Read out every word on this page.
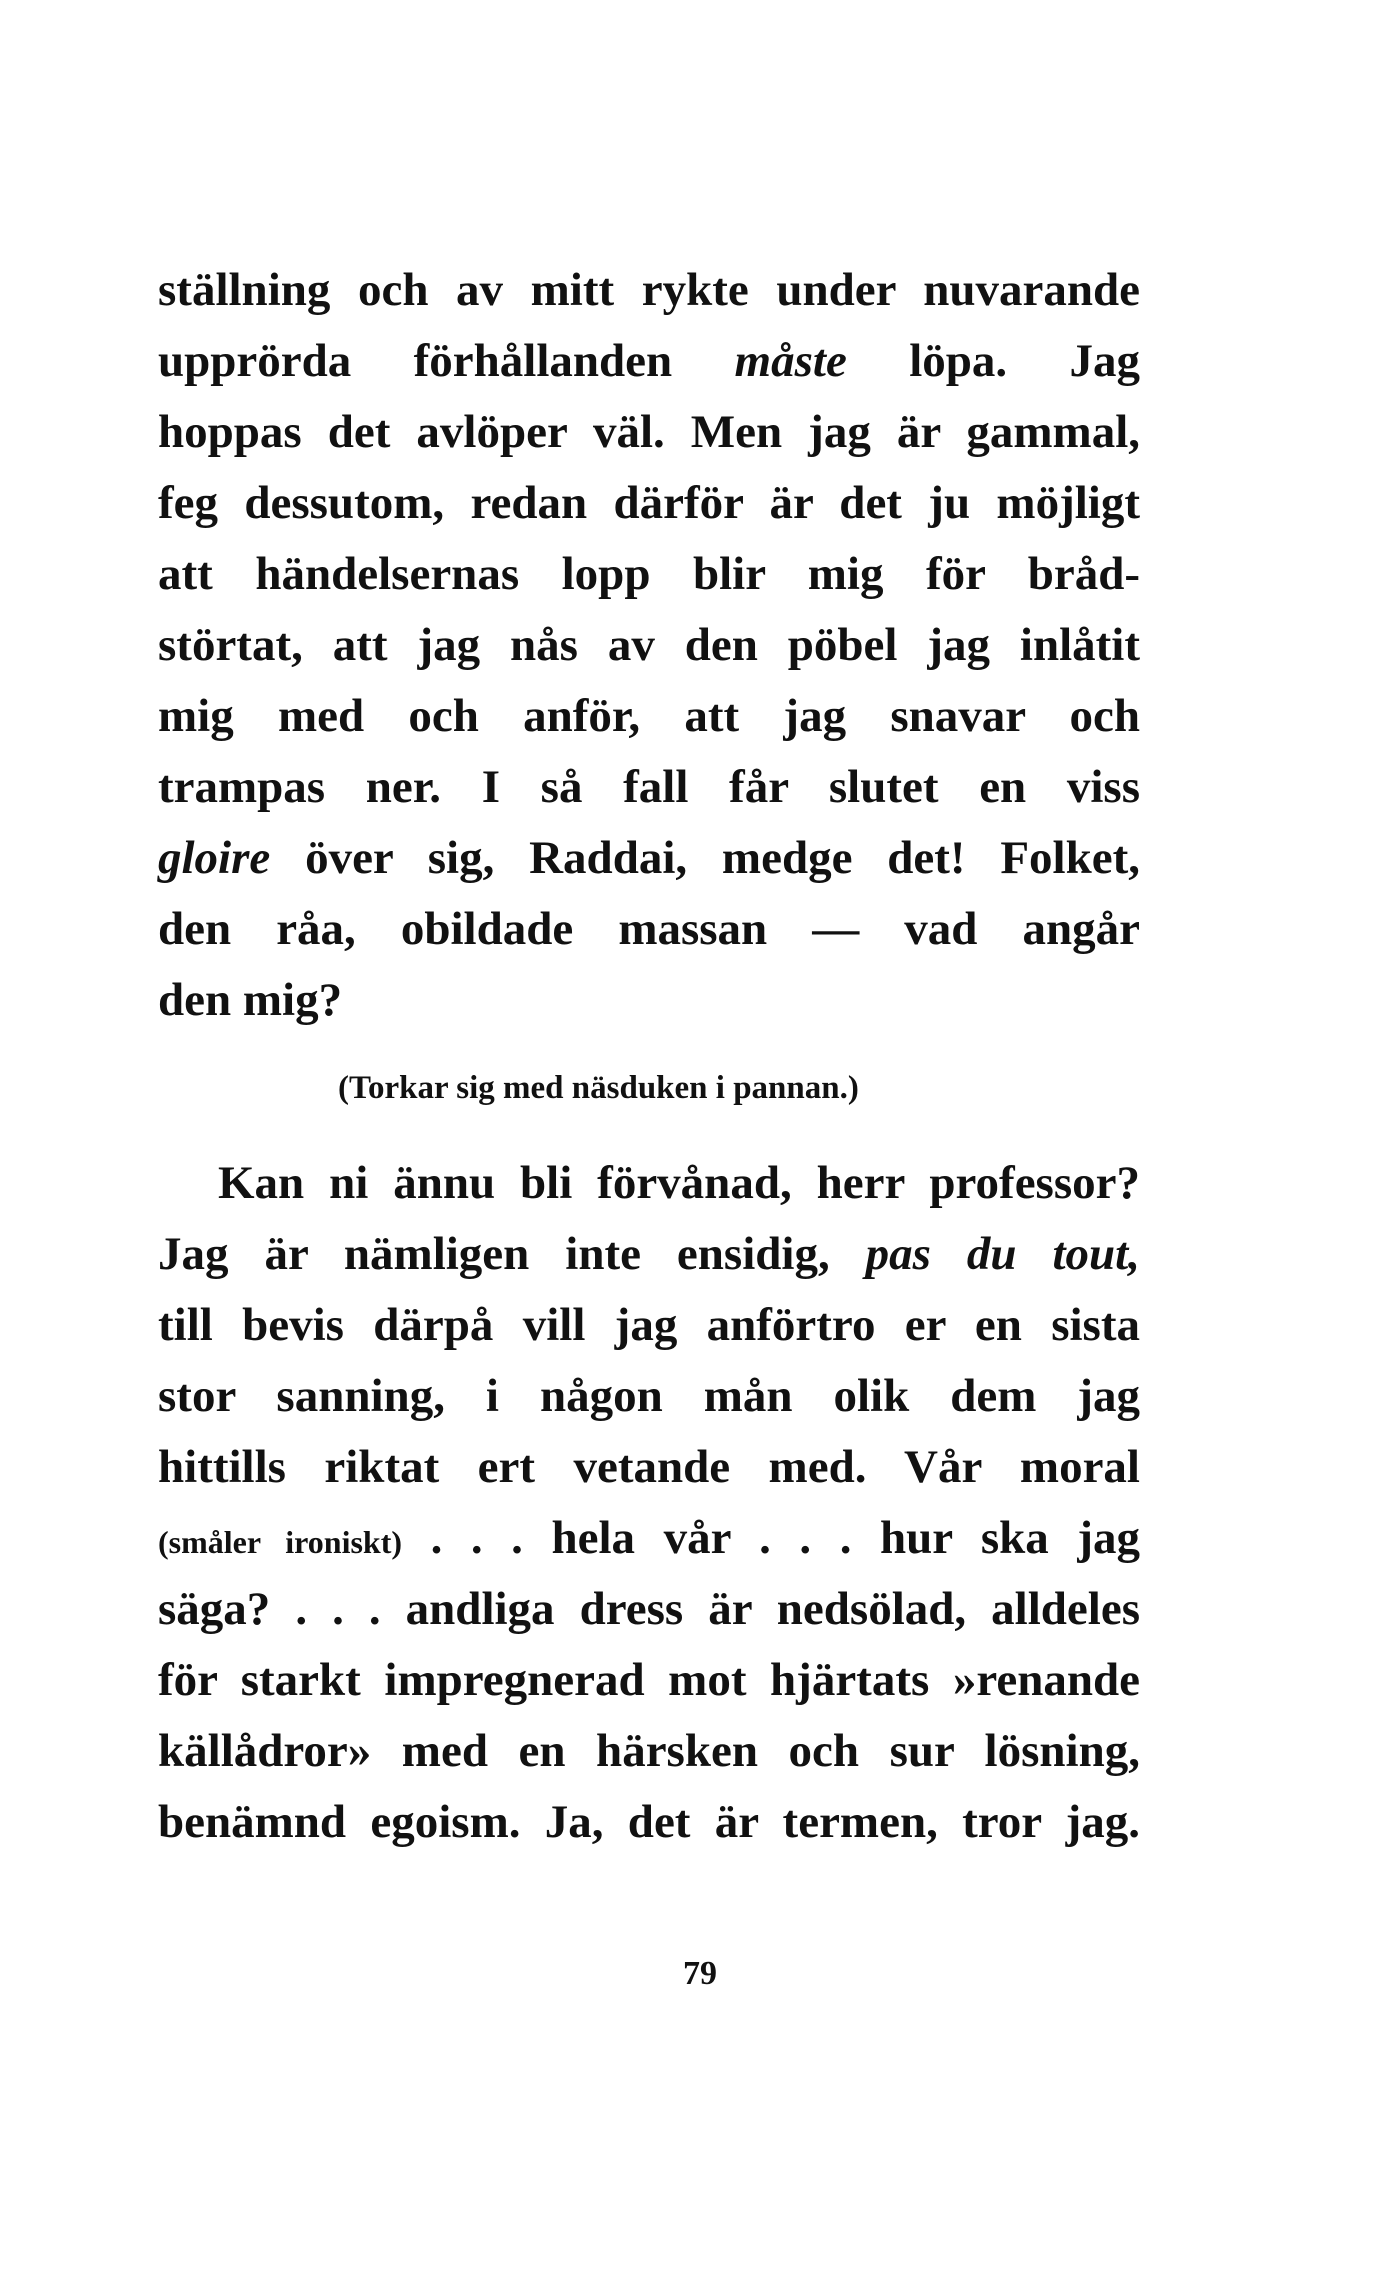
ställning och av mitt rykte under nuvarande
upprörda förhållanden måste löpa. Jag
hoppas det avlöper väl. Men jag är gammal,
feg dessutom, redan därför är det ju möjligt
att händelsernas lopp blir mig för bråd-
störtat, att jag nås av den pöbel jag inlåtit
mig med och anför, att jag snavar och
trampas ner. I så fall får slutet en viss
gloire över sig, Raddai, medge det! Folket,
den råa, obildade massan — vad angår
den mig?
(Torkar sig med näsduken i pannan.)
Kan ni ännu bli förvånad, herr professor?
Jag är nämligen inte ensidig, pas du tout,
till bevis därpå vill jag anförtro er en sista
stor sanning, i någon mån olik dem jag
hittills riktat ert vetande med. Vår moral
(småler ironiskt) . . . hela vår . . . hur ska jag
säga? . . . andliga dress är nedsölad, alldeles
för starkt impregnerad mot hjärtats »renande
källådror» med en härsken och sur lösning,
benämnd egoism. Ja, det är termen, tror jag.
79
